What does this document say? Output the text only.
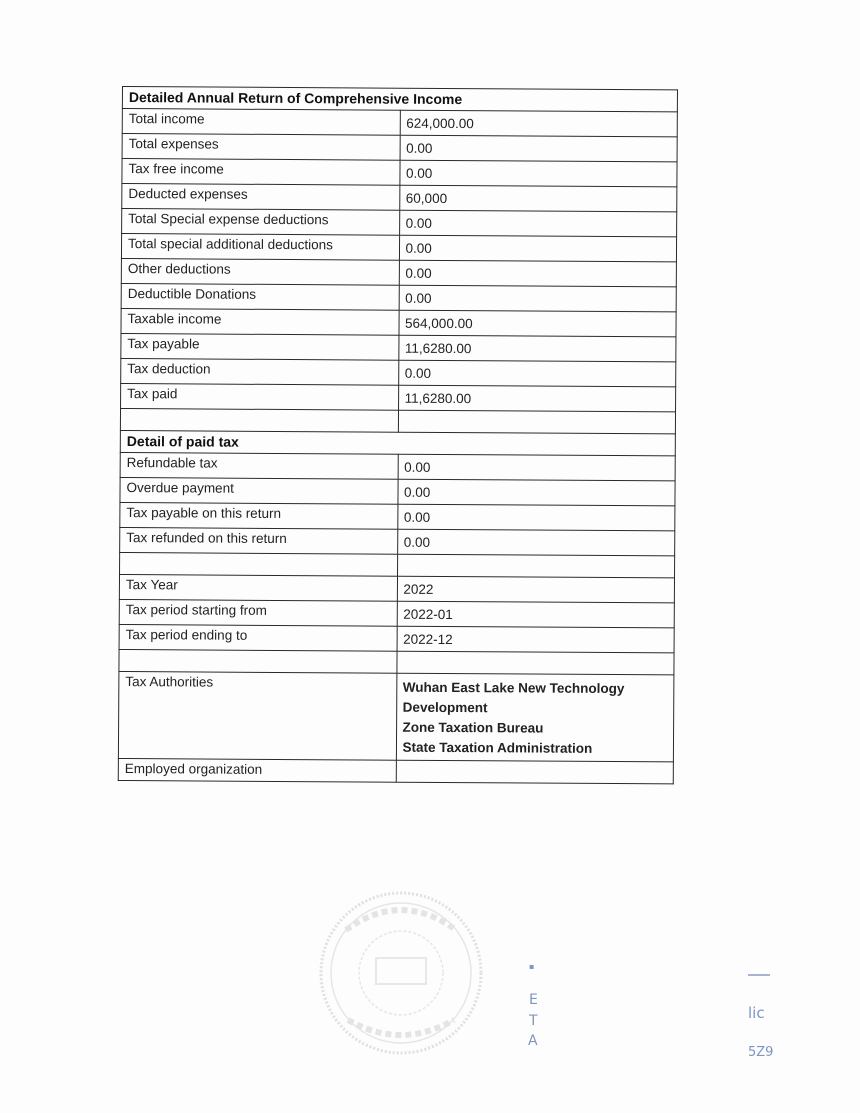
Detailed Annual Return of Comprehensive Income	
Total income	624,000.00
Total expenses	0.00
Tax free income	0.00
Deducted expenses	60,000
Total Special expense deductions	0.00
Total special additional deductions	0.00
Other deductions	0.00
Deductible Donations	0.00
Taxable income	564,000.00
Tax payable	11,6280.00
Tax deduction	0.00
Tax paid	11,6280.00

Detail of paid tax	
Refundable tax	0.00
Overdue payment	0.00
Tax payable on this return	0.00
Tax refunded on this return	0.00

Tax Year	2022
Tax period starting from	2022-01
Tax period ending to	2022-12

Tax Authorities	Wuhan East Lake New Technology Development
Zone Taxation Bureau
State Taxation Administration

Employed organization	
▪
E
T
A
lic
5Z9
